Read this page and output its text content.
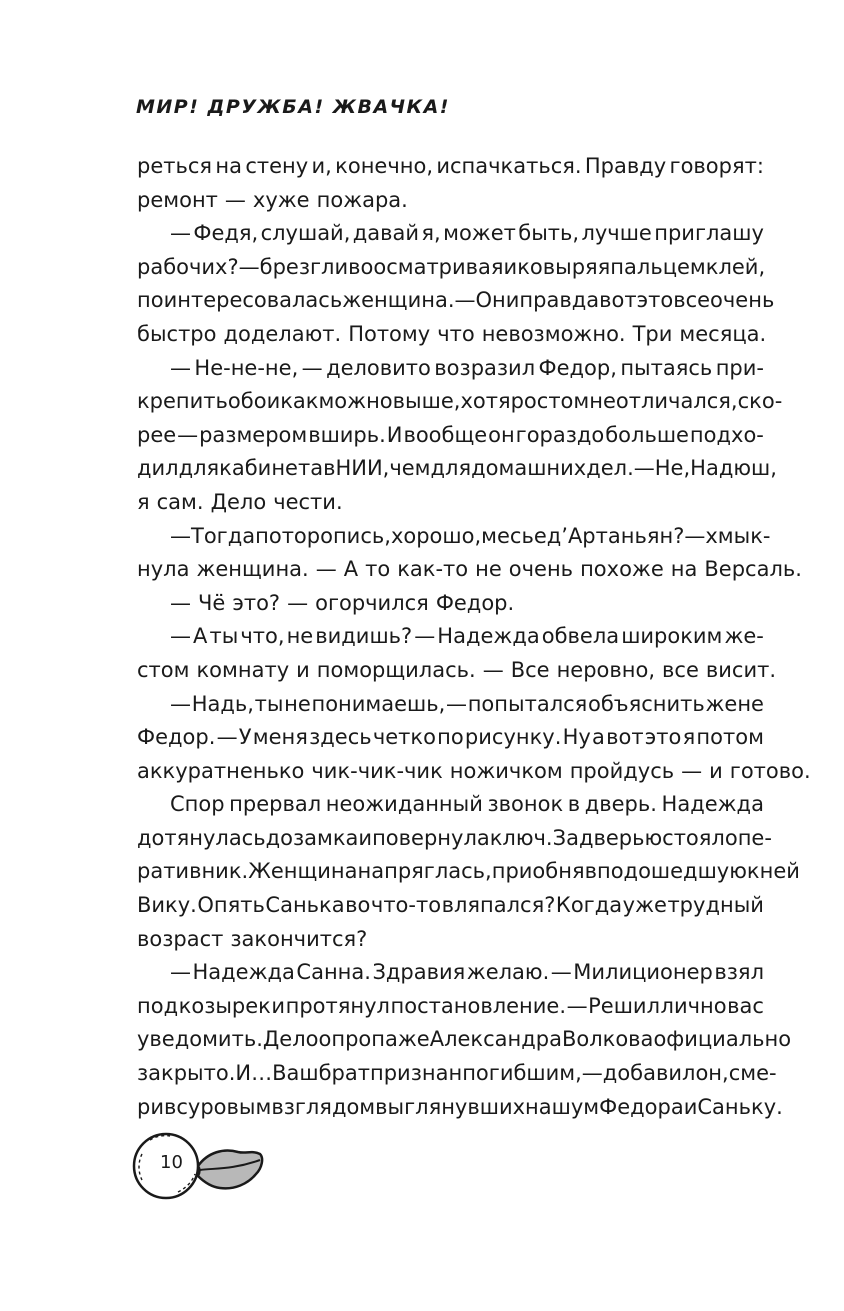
МИР! ДРУЖБА! ЖВАЧКА!
реться на стену и, конечно, испачкаться. Правду говорят:
ремонт — хуже пожара.
— Федя, слушай, давай я, может быть, лучше приглашу
рабочих? — брезгливо осматривая и ковыряя пальцем клей,
поинтересовалась женщина. — Они правда вот это все очень
быстро доделают. Потому что невозможно. Три месяца.
— Не-не-не, — деловито возразил Федор, пытаясь при-
крепить обои как можно выше, хотя ростом не отличался, ско-
рее — размером вширь. И вообще он гораздо больше подхо-
дил для кабинета в НИИ, чем для домашних дел. — Не, Надюш,
я сам. Дело чести.
— Тогда поторопись, хорошо, месье д’Артаньян? — хмык-
нула женщина. — А то как-то не очень похоже на Версаль.
— Чё это? — огорчился Федор.
— А ты что, не видишь? — Надежда обвела широким же-
стом комнату и поморщилась. — Все неровно, все висит.
— Надь, ты не понимаешь, — попытался объяснить жене
Федор. — У меня здесь четко по рисунку. Ну а вот это я потом
аккуратненько чик-чик-чик ножичком пройдусь — и готово.
Спор прервал неожиданный звонок в дверь. Надежда
дотянулась до замка и повернула ключ. За дверью стоял опе-
ративник. Женщина напряглась, приобняв подошедшую к ней
Вику. Опять Санька во что-то вляпался? Когда уже трудный
возраст закончится?
— Надежда Санна. Здравия желаю. — Милиционер взял
под козырек и протянул постановление. — Решил лично вас
уведомить. Дело о пропаже Александра Волкова официально
закрыто. И… Ваш брат признан погибшим, — добавил он, сме-
рив суровым взглядом выглянувших на шум Федора и Саньку.
10
